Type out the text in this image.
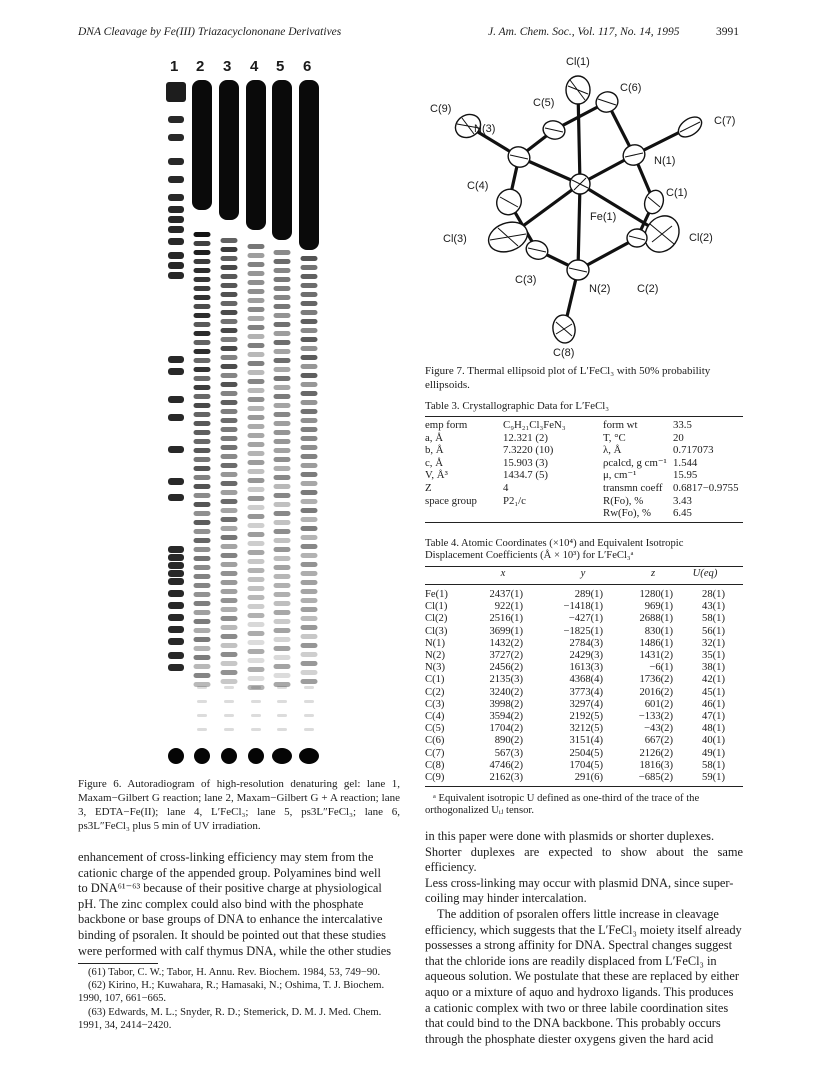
DNA Cleavage by Fe(III) Triazacyclononane Derivatives	J. Am. Chem. Soc., Vol. 117, No. 14, 1995	3991
1 2 3 4 5 6
Figure 6. Autoradiogram of high-resolution denaturing gel: lane 1, Maxam−Gilbert G reaction; lane 2, Maxam−Gilbert G + A reaction; lane 3, EDTA−Fe(II); lane 4, L′FeCl₃; lane 5, ps3L″FeCl₃; lane 6, ps3L″FeCl₃ plus 5 min of UV irradiation.
enhancement of cross-linking efficiency may stem from the
cationic charge of the appended group. Polyamines bind well
to DNA⁶¹⁻⁶³ because of their positive charge at physiological
pH. The zinc complex could also bind with the phosphate
backbone or base groups of DNA to enhance the intercalative
binding of psoralen. It should be pointed out that these studies
were performed with calf thymus DNA, while the other studies
(61) Tabor, C. W.; Tabor, H. Annu. Rev. Biochem. 1984, 53, 749−90.
(62) Kirino, H.; Kuwahara, R.; Hamasaki, N.; Oshima, T. J. Biochem.
1990, 107, 661−665.
(63) Edwards, M. L.; Snyder, R. D.; Stemerick, D. M. J. Med. Chem.
1991, 34, 2414−2420.
Cl(1)
C(6)
C(5)
C(9)
N(3)
C(7)
N(1)
C(4)
C(1)
Fe(1)
Cl(3)	Cl(2)
C(3)
N(2) C(2)
C(8)
Figure 7. Thermal ellipsoid plot of L′FeCl₃ with 50% probability
ellipsoids.
Table 3. Crystallographic Data for L′FeCl₃
emp form	C₉H₂₁Cl₃FeN₃	form wt	33.5
a, Å	12.321 (2)	T, °C	20
b, Å	7.3220 (10)	λ, Å	0.717073
c, Å	15.903 (3)	ρcalcd, g cm⁻¹ 1.544
V, Å³	1434.7 (5)	μ, cm⁻¹	15.95
Z	4	transmn coeff 0.6817−0.9755
space group P2₁/c	R(Fo), %	3.43
Rw(Fo), % 6.45
Table 4. Atomic Coordinates (×10⁴) and Equivalent Isotropic
Displacement Coefficients (Å × 10³) for L′FeCl₃ᵃ
x	y	z	U(eq)
Fe(1)	2437(1)	289(1)	1280(1)	28(1)
Cl(1)	922(1)	−1418(1)	969(1)	43(1)
Cl(2)	2516(1)	−427(1)	2688(1)	58(1)
Cl(3)	3699(1)	−1825(1)	830(1)	56(1)
N(1)	1432(2)	2784(3)	1486(1)	32(1)
N(2)	3727(2)	2429(3)	1431(2)	35(1)
N(3)	2456(2)	1613(3)	−6(1)	38(1)
C(1)	2135(3)	4368(4)	1736(2)	42(1)
C(2)	3240(2)	3773(4)	2016(2)	45(1)
C(3)	3998(2)	3297(4)	601(2)	46(1)
C(4)	3594(2)	2192(5)	−133(2)	47(1)
C(5)	1704(2)	3212(5)	−43(2)	48(1)
C(6)	890(2)	3151(4)	667(2)	40(1)
C(7)	567(3)	2504(5)	2126(2)	49(1)
C(8)	4746(2)	1704(5)	1816(3)	58(1)
C(9)	2162(3)	291(6)	−685(2)	59(1)
ᵃ Equivalent isotropic U defined as one-third of the trace of the
orthogonalized Uᵢⱼ tensor.
in this paper were done with plasmids or shorter duplexes.
Shorter duplexes are expected to show about the same efficiency.
Less cross-linking may occur with plasmid DNA, since super-
coiling may hinder intercalation.
The addition of psoralen offers little increase in cleavage
efficiency, which suggests that the L′FeCl₃ moiety itself already
possesses a strong affinity for DNA. Spectral changes suggest
that the chloride ions are readily displaced from L′FeCl₃ in
aqueous solution. We postulate that these are replaced by either
aquo or a mixture of aquo and hydroxo ligands. This produces
a cationic complex with two or three labile coordination sites
that could bind to the DNA backbone. This probably occurs
through the phosphate diester oxygens given the hard acid
